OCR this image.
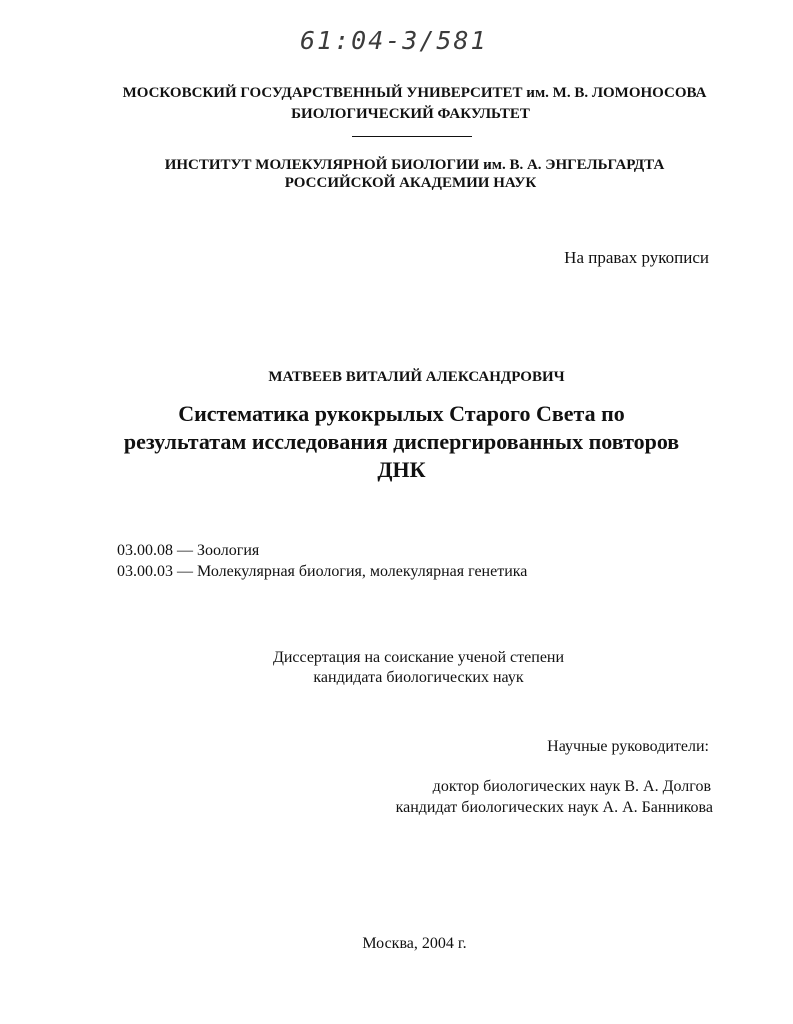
61:04-3/581
МОСКОВСКИЙ ГОСУДАРСТВЕННЫЙ УНИВЕРСИТЕТ им. М. В. ЛОМОНОСОВА
БИОЛОГИЧЕСКИЙ ФАКУЛЬТЕТ
ИНСТИТУТ МОЛЕКУЛЯРНОЙ БИОЛОГИИ им. В. А. ЭНГЕЛЬГАРДТА
РОССИЙСКОЙ АКАДЕМИИ НАУК
На правах рукописи
МАТВЕЕВ ВИТАЛИЙ АЛЕКСАНДРОВИЧ
Систематика рукокрылых Старого Света по
результатам исследования диспергированных повторов
ДНК
03.00.08 — Зоология
03.00.03 — Молекулярная биология, молекулярная генетика
Диссертация на соискание ученой степени
кандидата биологических наук
Научные руководители:
доктор биологических наук В. А. Долгов
кандидат биологических наук А. А. Банникова
Москва, 2004 г.
